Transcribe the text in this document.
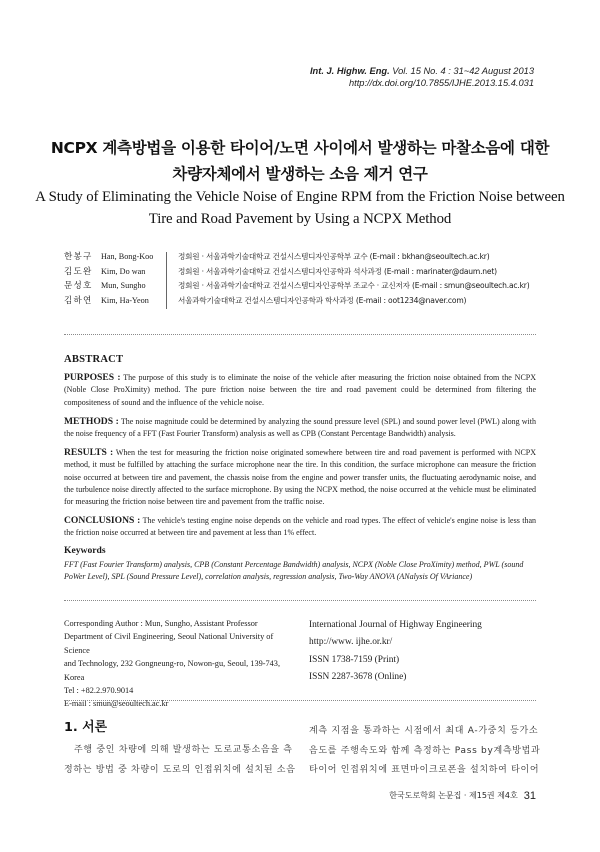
Int. J. Highw. Eng. Vol. 15 No. 4 : 31~42 August 2013
http://dx.doi.org/10.7855/IJHE.2013.15.4.031
NCPX 계측방법을 이용한 타이어/노면 사이에서 발생하는 마찰소음에 대한
차량자체에서 발생하는 소음 제거 연구
A Study of Eliminating the Vehicle Noise of Engine RPM from the Friction Noise between
Tire and Road Pavement by Using a NCPX Method
한봉구	Han, Bong-Koo	정회원 · 서울과학기술대학교 건설시스템디자인공학부 교수 (E-mail : bkhan@seoultech.ac.kr)
김도완	Kim, Do wan	정회원 · 서울과학기술대학교 건설시스템디자인공학과 석사과정 (E-mail : marinater@daum.net)
문성호	Mun, Sungho	정회원 · 서울과학기술대학교 건설시스템디자인공학부 조교수 · 교신저자 (E-mail : smun@seoultech.ac.kr)
김하연	Kim, Ha-Yeon	서울과학기술대학교 건설시스템디자인공학과 학사과정 (E-mail : oot1234@naver.com)
ABSTRACT
PURPOSES : The purpose of this study is to eliminate the noise of the vehicle after measuring the friction noise obtained from the NCPX (Noble Close ProXimity) method. The pure friction noise between the tire and road pavement could be determined from filtering the compositeness of sound and the influence of the vehicle noise.
METHODS : The noise magnitude could be determined by analyzing the sound pressure level (SPL) and sound power level (PWL) along with the noise frequency of a FFT (Fast Fourier Transform) analysis as well as CPB (Constant Percentage Bandwidth) analysis.
RESULTS : When the test for measuring the friction noise originated somewhere between tire and road pavement is performed with NCPX method, it must be fulfilled by attaching the surface microphone near the tire. In this condition, the surface microphone can measure the friction noise occurred at between tire and pavement, the chassis noise from the engine and power transfer units, the fluctuating aerodynamic noise, and the turbulence noise directly affected to the surface microphone. By using the NCPX method, the noise occurred at the vehicle must be eliminated for measuring the friction noise between tire and pavement from the traffic noise.
CONCLUSIONS : The vehicle's testing engine noise depends on the vehicle and road types. The effect of vehicle's engine noise is less than the friction noise occurred at between tire and pavement at less than 1% effect.
Keywords
FFT (Fast Fourier Transform) analysis, CPB (Constant Percentage Bandwidth) analysis, NCPX (Noble Close ProXimity) method, PWL (sound PoWer Level), SPL (Sound Pressure Level), correlation analysis, regression analysis, Two-Way ANOVA (ANalysis Of VAriance)
Corresponding Author : Mun, Sungho, Assistant Professor
Department of Civil Engineering, Seoul National University of Science
and Technology, 232 Gongneung-ro, Nowon-gu, Seoul, 139-743, Korea
Tel : +82.2.970.9014
E-mail : smun@seoultech.ac.kr
International Journal of Highway Engineering
http://www. ijhe.or.kr/
ISSN 1738-7159 (Print)
ISSN 2287-3678 (Online)
1. 서론

주행 중인 차량에 의해 발생하는 도로교통소음을 측

정하는 방법 중 차량이 도로의 인접위치에 설치된 소음

계측 지점을 통과하는 시점에서 최대 A-가중치 등가소

음도를 주행속도와 함께 측정하는 Pass by계측방법과

타이어 인접위치에 표면마이크로폰을 설치하여 타이어

한국도로학회 논문집 · 제15권 제4호 31
